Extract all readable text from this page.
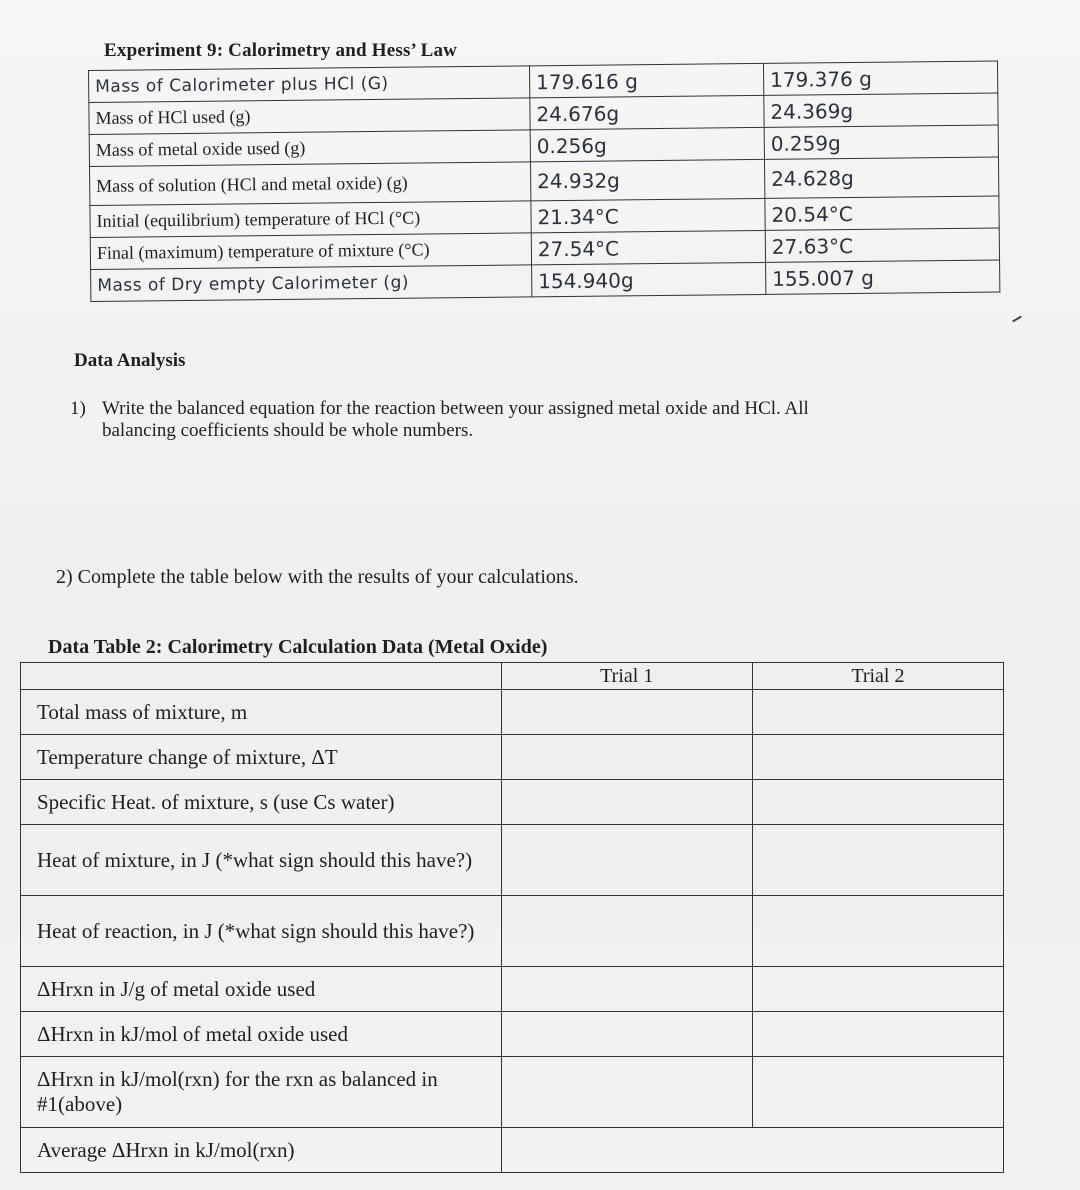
Experiment 9: Calorimetry and Hess’ Law
Mass of Calorimeter plus HCl (G)	179.616 g	179.376 g
Mass of HCl used (g)	24.676g	24.369g
Mass of metal oxide used (g)	0.256g	0.259g
Mass of solution (HCl and metal oxide) (g)	24.932g	24.628g
Initial (equilibrium) temperature of HCl (°C)	21.34°C	20.54°C
Final (maximum) temperature of mixture (°C)	27.54°C	27.63°C
Mass of Dry empty Calorimeter (g)	154.940g	155.007 g
Data Analysis
1) Write the balanced equation for the reaction between your assigned metal oxide and HCl. All
balancing coefficients should be whole numbers.
2) Complete the table below with the results of your calculations.
Data Table 2: Calorimetry Calculation Data (Metal Oxide)
	Trial 1	Trial 2
Total mass of mixture, m		
Temperature change of mixture, ΔT		
Specific Heat. of mixture, s (use Cs water)		
Heat of mixture, in J (*what sign should this have?)		
Heat of reaction, in J (*what sign should this have?)		
ΔHrxn in J/g of metal oxide used		
ΔHrxn in kJ/mol of metal oxide used		
ΔHrxn in kJ/mol(rxn) for the rxn as balanced in #1(above)		
Average ΔHrxn in kJ/mol(rxn)		
